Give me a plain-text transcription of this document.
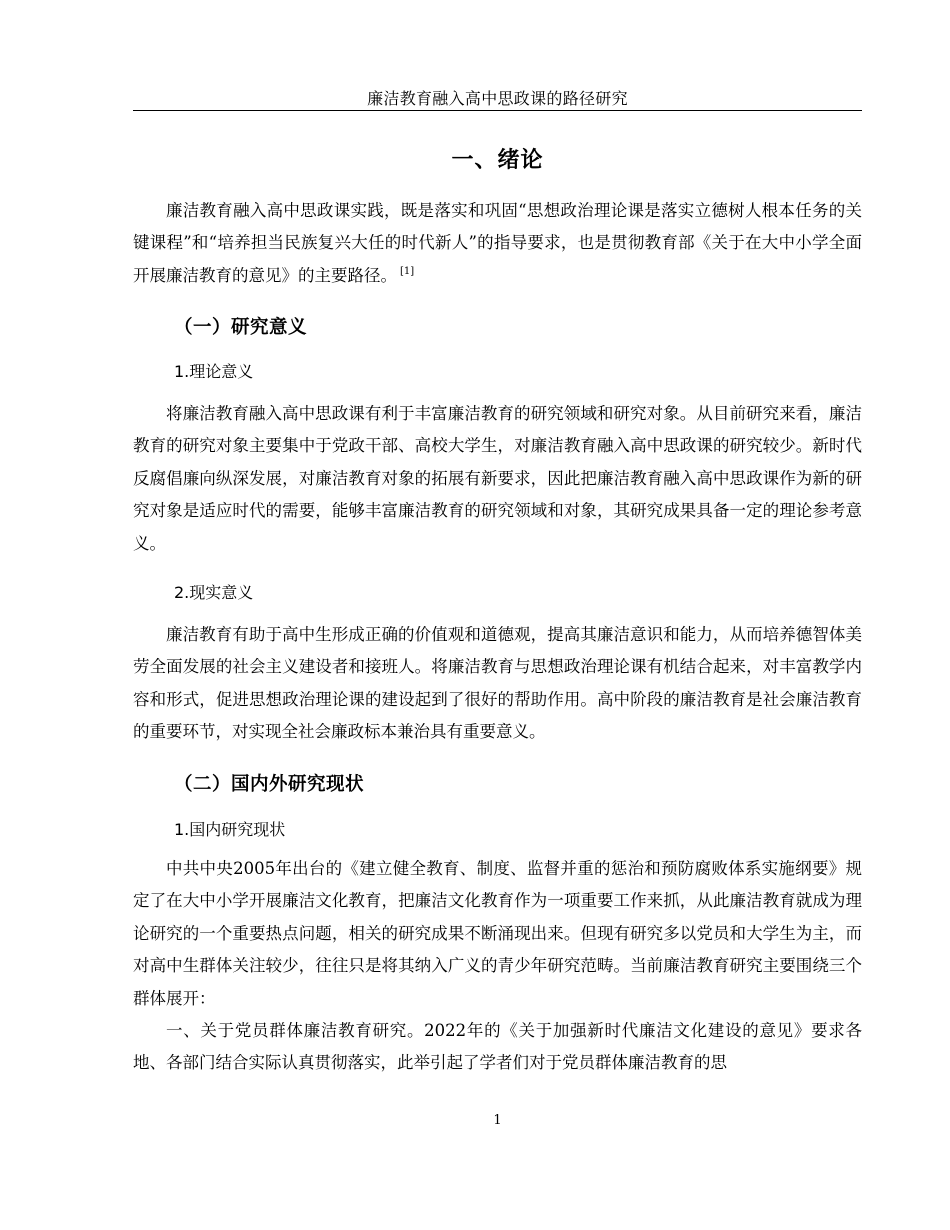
廉洁教育融入高中思政课的路径研究
一、绪论

廉洁教育融入高中思政课实践，既是落实和巩固“思想政治理论课是落实立德树人根本任务的关键课程”和“培养担当民族复兴大任的时代新人”的指导要求，也是贯彻教育部《关于在大中小学全面开展廉洁教育的意见》的主要路径。 [1]

（一）研究意义
1.理论意义

将廉洁教育融入高中思政课有利于丰富廉洁教育的研究领域和研究对象。从目前研究来看，廉洁教育的研究对象主要集中于党政干部、高校大学生，对廉洁教育融入高中思政课的研究较少。新时代反腐倡廉向纵深发展，对廉洁教育对象的拓展有新要求，因此把廉洁教育融入高中思政课作为新的研究对象是适应时代的需要，能够丰富廉洁教育的研究领域和对象，其研究成果具备一定的理论参考意义。

2.现实意义

廉洁教育有助于高中生形成正确的价值观和道德观，提高其廉洁意识和能力，从而培养德智体美劳全面发展的社会主义建设者和接班人。将廉洁教育与思想政治理论课有机结合起来，对丰富教学内容和形式，促进思想政治理论课的建设起到了很好的帮助作用。高中阶段的廉洁教育是社会廉洁教育的重要环节，对实现全社会廉政标本兼治具有重要意义。

（二）国内外研究现状
1.国内研究现状

中共中央2005年出台的《建立健全教育、制度、监督并重的惩治和预防腐败体系实施纲要》规定了在大中小学开展廉洁文化教育，把廉洁文化教育作为一项重要工作来抓，从此廉洁教育就成为理论研究的一个重要热点问题，相关的研究成果不断涌现出来。但现有研究多以党员和大学生为主，而对高中生群体关注较少，往往只是将其纳入广义的青少年研究范畴。当前廉洁教育研究主要围绕三个群体展开：

一、关于党员群体廉洁教育研究。2022年的《关于加强新时代廉洁文化建设的意见》要求各地、各部门结合实际认真贯彻落实，此举引起了学者们对于党员群体廉洁教育的思

1
